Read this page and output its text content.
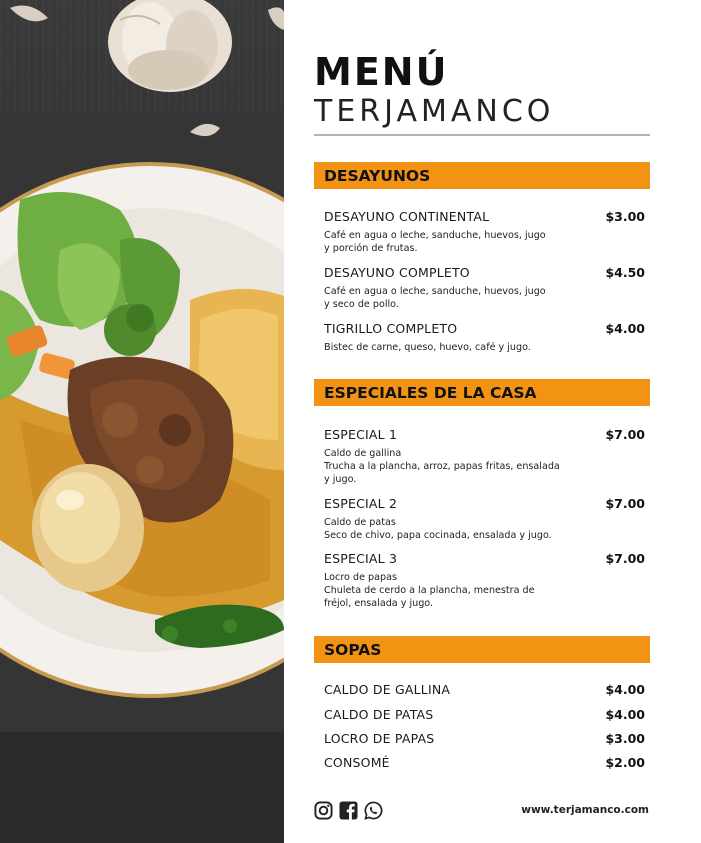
MENÚ
TERJAMANCO
DESAYUNOS
DESAYUNO CONTINENTAL	$3.00
Café en agua o leche, sanduche, huevos, jugo
y porción de frutas.
DESAYUNO COMPLETO	$4.50
Café en agua o leche, sanduche, huevos, jugo
y seco de pollo.
TIGRILLO COMPLETO	$4.00
Bistec de carne, queso, huevo, café y jugo.
ESPECIALES DE LA CASA
ESPECIAL 1	$7.00
Caldo de gallina
Trucha a la plancha, arroz, papas fritas, ensalada
y jugo.
ESPECIAL 2	$7.00
Caldo de patas
Seco de chivo, papa cocinada, ensalada y jugo.
ESPECIAL 3	$7.00
Locro de papas
Chuleta de cerdo a la plancha, menestra de
fréjol, ensalada y jugo.
SOPAS
CALDO DE GALLINA	$4.00
CALDO DE PATAS	$4.00
LOCRO DE PAPAS	$3.00
CONSOMÉ	$2.00
www.terjamanco.com
